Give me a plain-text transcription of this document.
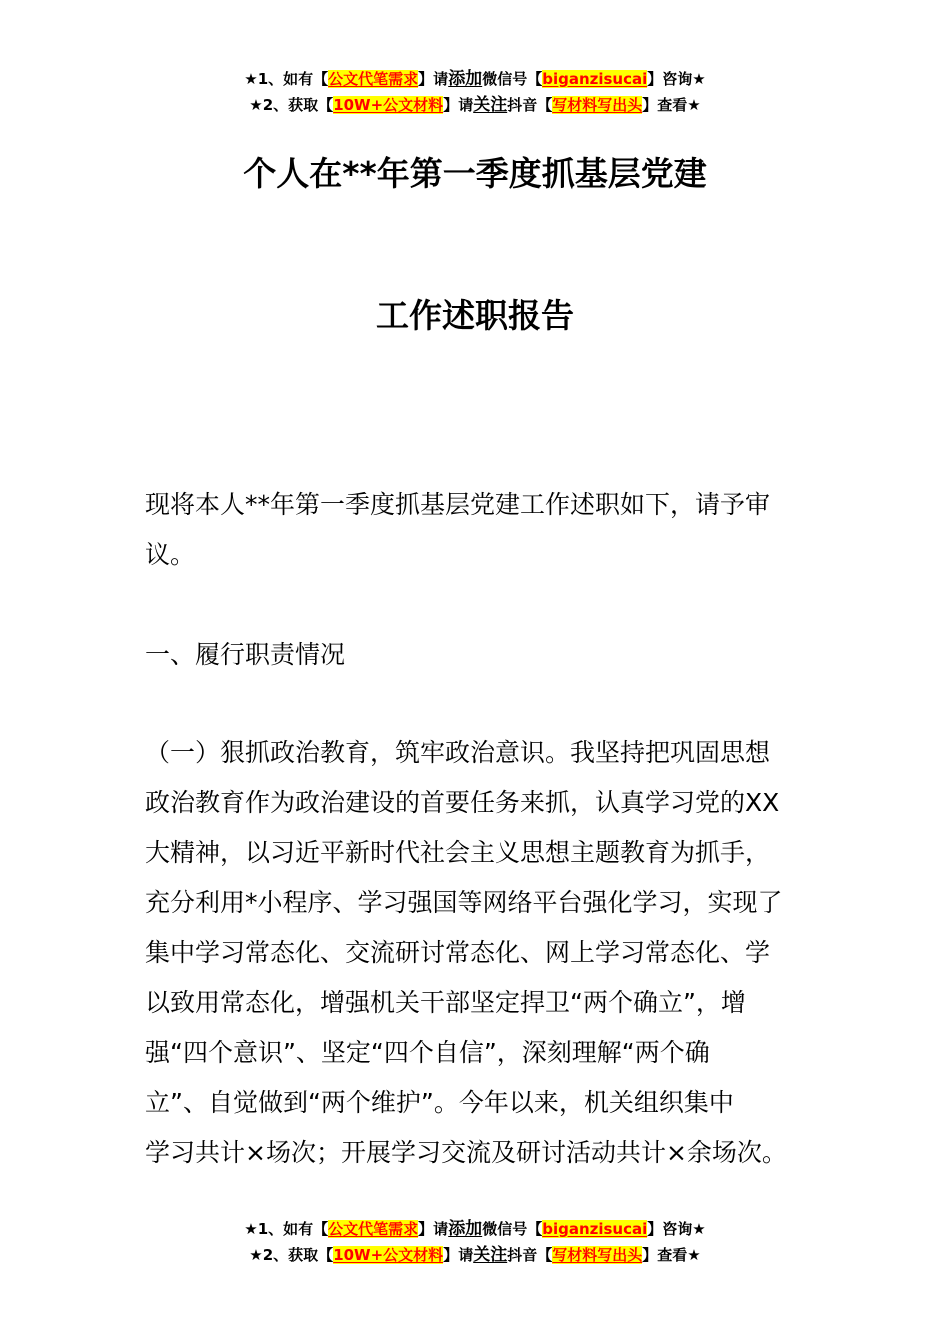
★1、如有【公文代笔需求】请添加微信号【biganzisucai】咨询★
★2、获取【10W+公文材料】请关注抖音【写材料写出头】查看★
个人在**年第一季度抓基层党建
工作述职报告
现将本人**年第一季度抓基层党建工作述职如下，请予审
议。
一、履行职责情况
（一）狠抓政治教育，筑牢政治意识。我坚持把巩固思想
政治教育作为政治建设的首要任务来抓，认真学习党的XX
大精神，以习近平新时代社会主义思想主题教育为抓手，
充分利用*小程序、学习强国等网络平台强化学习，实现了
集中学习常态化、交流研讨常态化、网上学习常态化、学
以致用常态化，增强机关干部坚定捍卫“两个确立”，增
强“四个意识”、坚定“四个自信”，深刻理解“两个确
立”、自觉做到“两个维护”。今年以来，机关组织集中
学习共计×场次；开展学习交流及研讨活动共计×余场次。
★1、如有【公文代笔需求】请添加微信号【biganzisucai】咨询★
★2、获取【10W+公文材料】请关注抖音【写材料写出头】查看★
